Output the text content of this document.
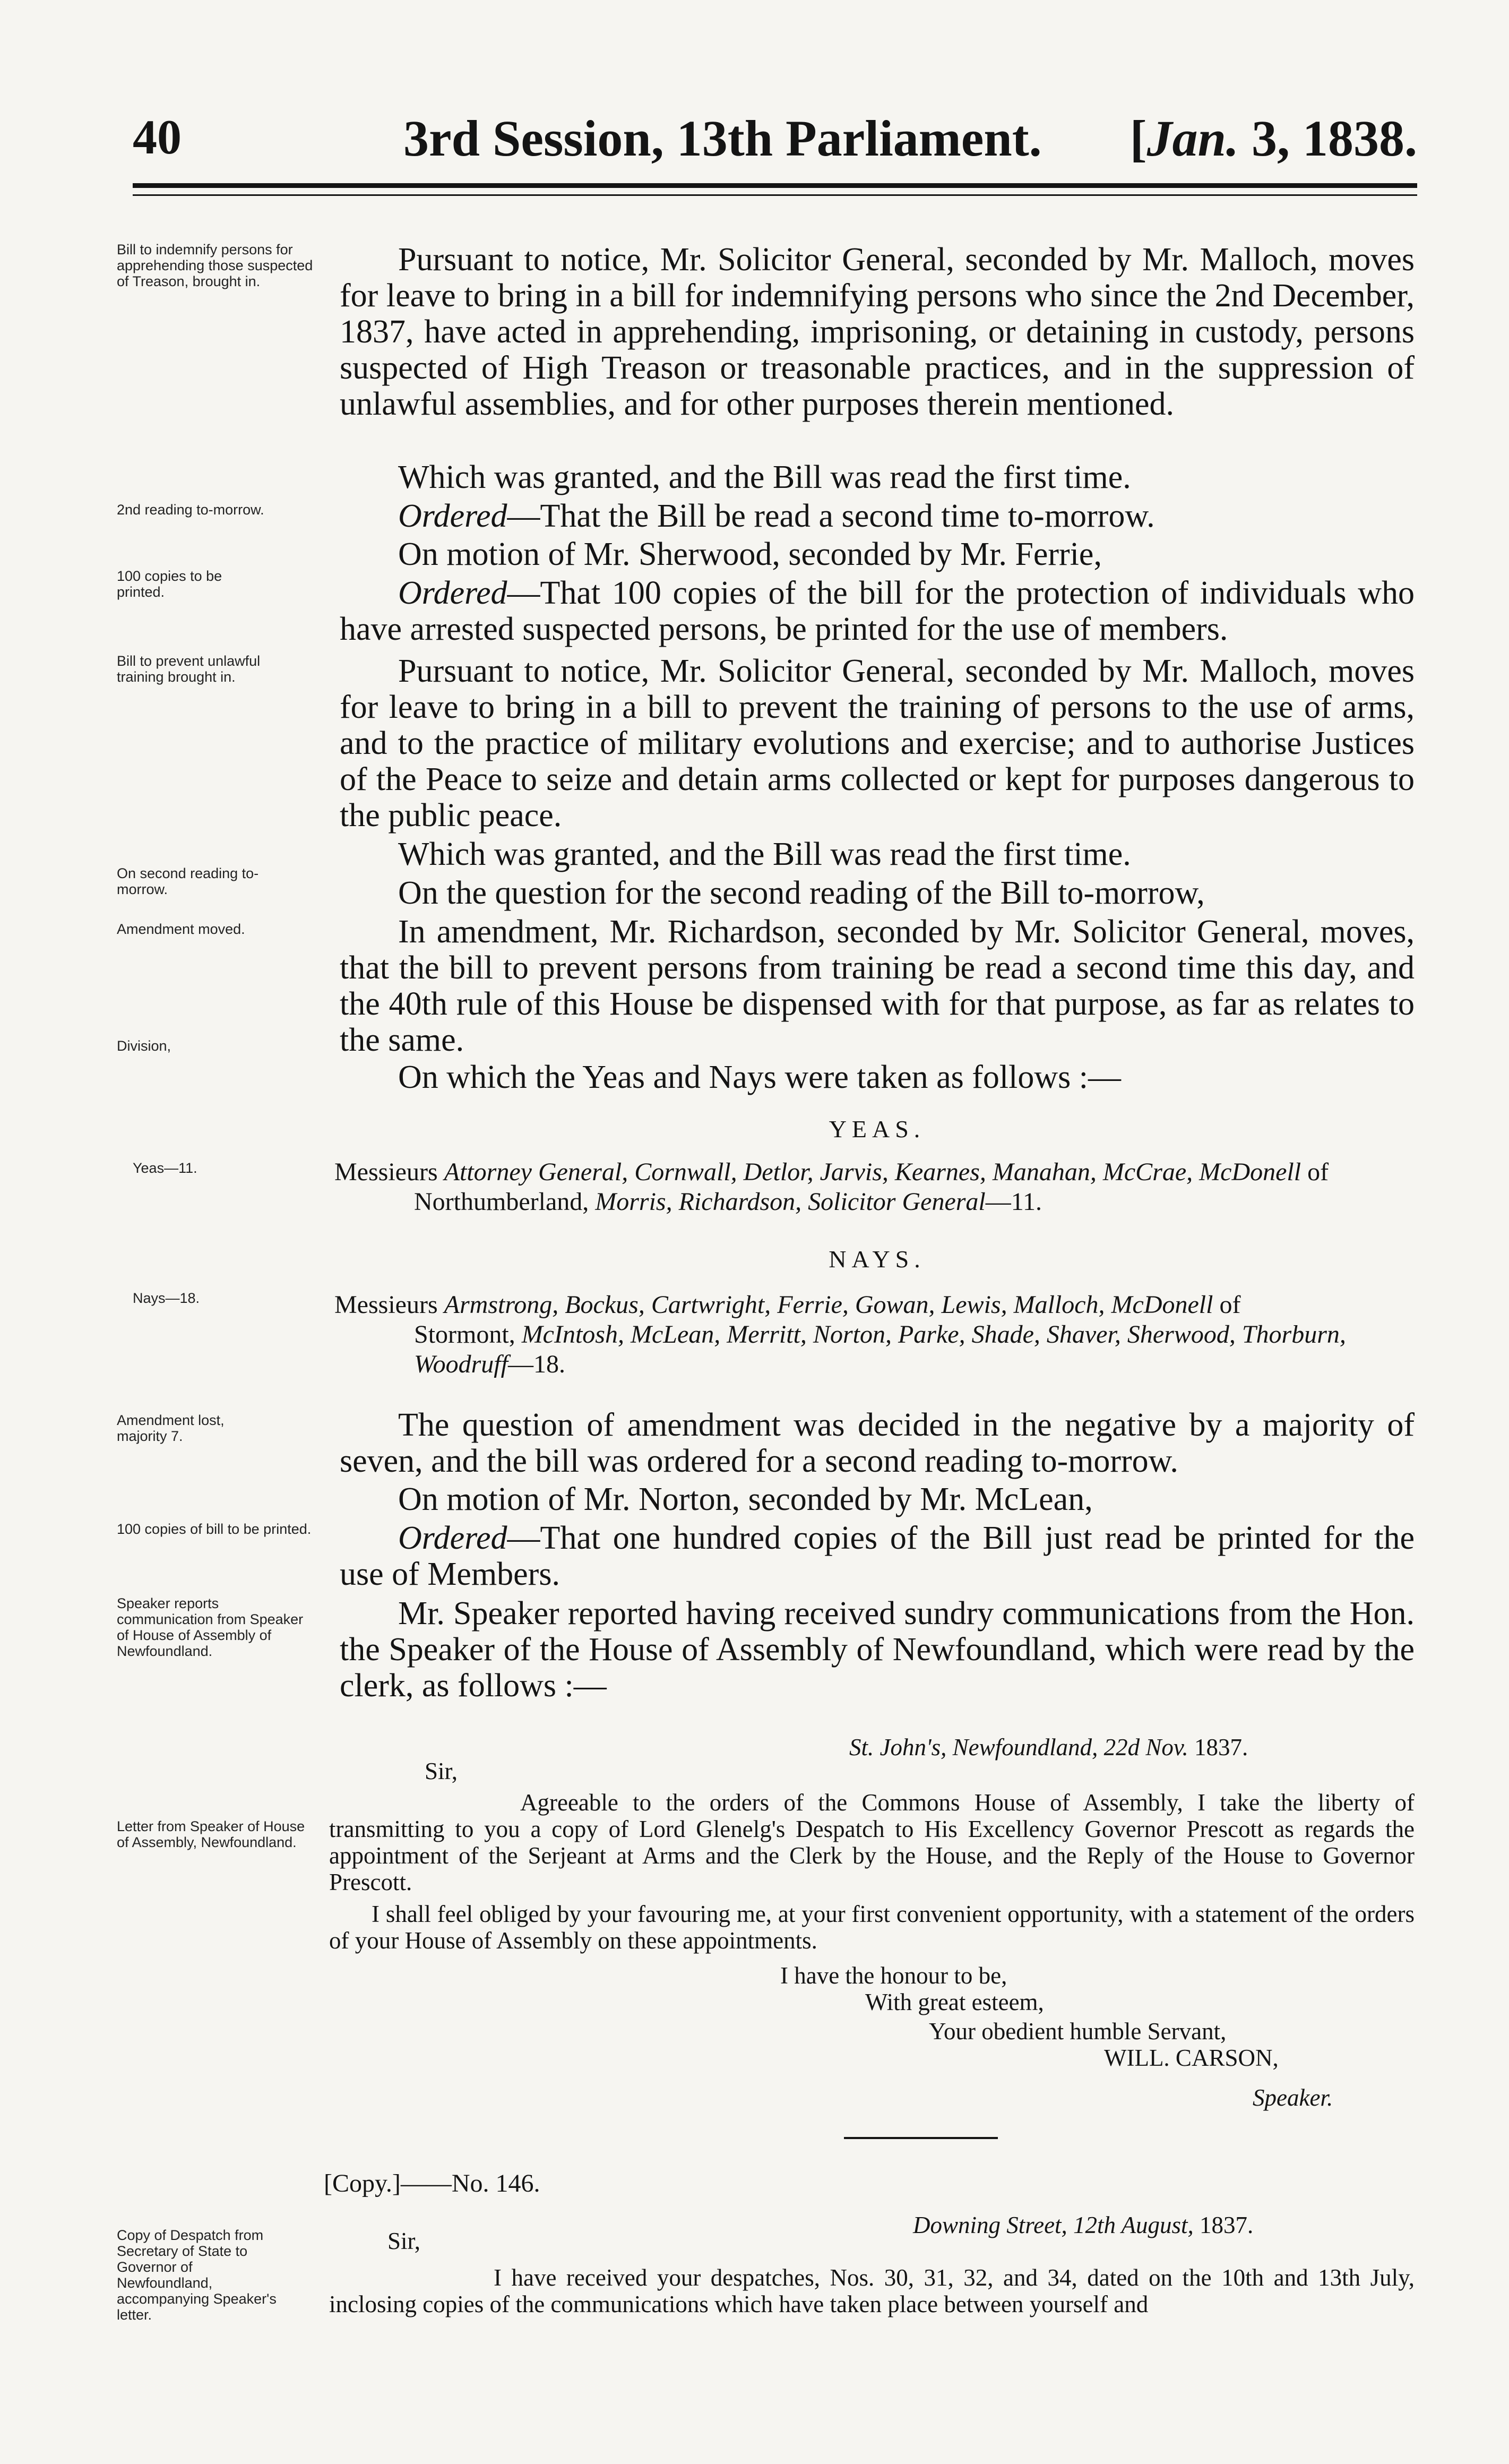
40	3rd Session, 13th Parliament. [Jan. 3, 1838.
Bill to indemnify persons for apprehending those suspected of Treason, brought in.
2nd reading to-morrow.
100 copies to be printed.
Bill to prevent unlawful training brought in.
On second reading to-morrow.
Amendment moved.
Division,
Yeas—11.
Nays—18.
Amendment lost, majority 7.
100 copies of bill to be printed.
Speaker reports communication from Speaker of House of Assembly of Newfoundland.
Letter from Speaker of House of Assembly, Newfoundland.
Copy of Despatch from Secretary of State to Governor of Newfoundland, accompanying Speaker's letter.
Pursuant to notice, Mr. Solicitor General, seconded by Mr. Malloch, moves for leave to bring in a bill for indemnifying persons who since the 2nd December, 1837, have acted in apprehending, imprisoning, or detaining in custody, persons suspected of High Treason or treasonable practices, and in the suppression of unlawful assemblies, and for other purposes therein mentioned.
Which was granted, and the Bill was read the first time.
Ordered—That the Bill be read a second time to-morrow.
On motion of Mr. Sherwood, seconded by Mr. Ferrie,
Ordered—That 100 copies of the bill for the protection of individuals who have arrested suspected persons, be printed for the use of members.
Pursuant to notice, Mr. Solicitor General, seconded by Mr. Malloch, moves for leave to bring in a bill to prevent the training of persons to the use of arms, and to the practice of military evolutions and exercise; and to authorise Justices of the Peace to seize and detain arms collected or kept for purposes dangerous to the public peace.
Which was granted, and the Bill was read the first time.
On the question for the second reading of the Bill to-morrow,
In amendment, Mr. Richardson, seconded by Mr. Solicitor General, moves, that the bill to prevent persons from training be read a second time this day, and the 40th rule of this House be dispensed with for that purpose, as far as relates to the same.
On which the Yeas and Nays were taken as follows :—
YEAS.
Messieurs Attorney General, Cornwall, Detlor, Jarvis, Kearnes, Manahan, McCrae, McDonell of
Northumberland, Morris, Richardson, Solicitor General—11.
NAYS.
Messieurs Armstrong, Bockus, Cartwright, Ferrie, Gowan, Lewis, Malloch, McDonell of
Stormont, McIntosh, McLean, Merritt, Norton, Parke, Shade, Shaver, Sherwood, Thorburn, Woodruff—18.
The question of amendment was decided in the negative by a majority of seven, and the bill was ordered for a second reading to-morrow.
On motion of Mr. Norton, seconded by Mr. McLean,
Ordered—That one hundred copies of the Bill just read be printed for the use of Members.
Mr. Speaker reported having received sundry communications from the Hon. the Speaker of the House of Assembly of Newfoundland, which were read by the clerk, as follows :—
St. John's, Newfoundland, 22d Nov. 1837.
Sir,
Agreeable to the orders of the Commons House of Assembly, I take the liberty of transmitting to you a copy of Lord Glenelg's Despatch to His Excellency Governor Prescott as regards the appointment of the Serjeant at Arms and the Clerk by the House, and the Reply of the House to Governor Prescott.
I shall feel obliged by your favouring me, at your first convenient opportunity, with a statement of the orders of your House of Assembly on these appointments.
I have the honour to be,
With great esteem,
Your obedient humble Servant,
WILL. CARSON,
Speaker.
[Copy.]——No. 146.
Downing Street, 12th August, 1837.
Sir,
I have received your despatches, Nos. 30, 31, 32, and 34, dated on the 10th and 13th July, inclosing copies of the communications which have taken place between yourself and
